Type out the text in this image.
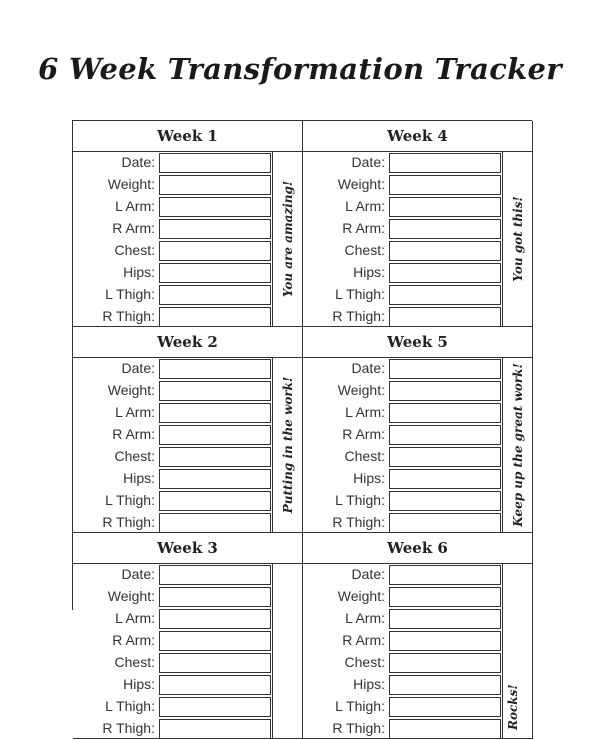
6 Week Transformation Tracker
Week 1
Date:
Weight:
L Arm:
R Arm:
Chest:
Hips:
L Thigh:
R Thigh:
You are amazing!
Week 4
Date:
Weight:
L Arm:
R Arm:
Chest:
Hips:
L Thigh:
R Thigh:
You got this!
Week 2
Date:
Weight:
L Arm:
R Arm:
Chest:
Hips:
L Thigh:
R Thigh:
Putting in the work!
Week 5
Date:
Weight:
L Arm:
R Arm:
Chest:
Hips:
L Thigh:
R Thigh:	Keep up the great work!
Week 3
Date:
Weight:
L Arm:
R Arm:
Chest:
Hips:
L Thigh:
R Thigh:
Week 6
Date:
Weight:
L Arm:
R Arm:
Chest:
Hips:
L Thigh:
R Thigh:	Rocks!
